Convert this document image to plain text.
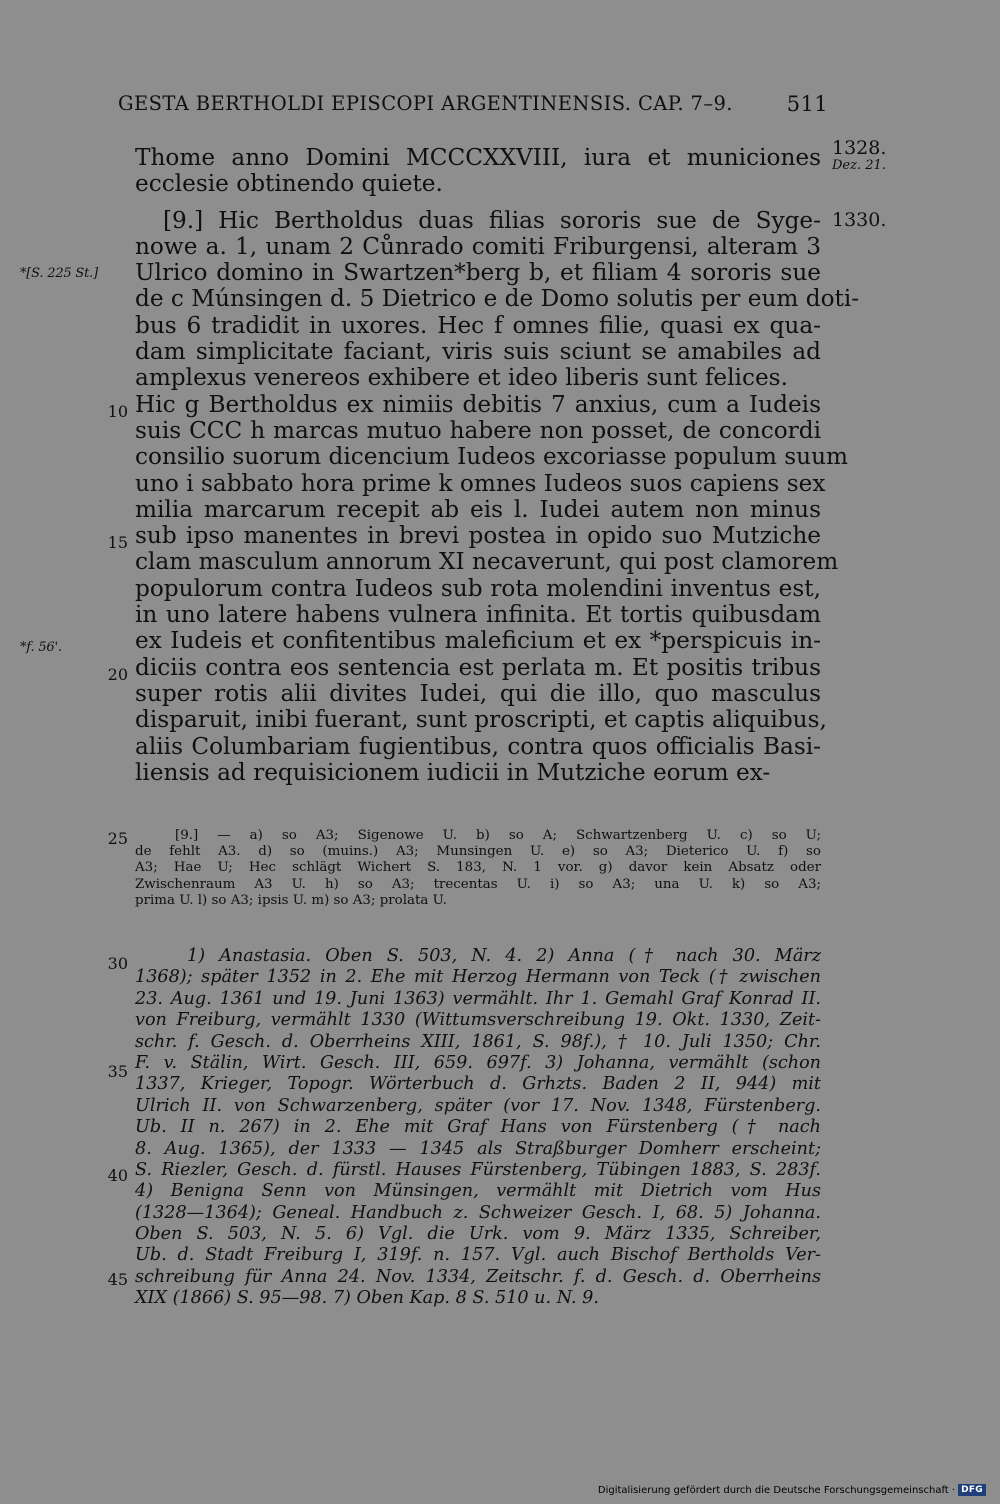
GESTA BERTHOLDI EPISCOPI ARGENTINENSIS. CAP. 7–9.	511
Thome anno Domini MCCCXXVIII, iura et municiones
ecclesie obtinendo quiete.
[9.] Hic Bertholdus duas filias sororis sue de Syge-
nowe a. 1, unam 2 Cůnrado comiti Friburgensi, alteram 3
Ulrico domino in Swartzen*berg b, et filiam 4 sororis sue
de c Múnsingen d. 5 Dietrico e de Domo solutis per eum doti-
bus 6 tradidit in uxores. Hec f omnes filie, quasi ex qua-
dam simplicitate faciant, viris suis sciunt se amabiles ad
amplexus venereos exhibere et ideo liberis sunt felices.
Hic g Bertholdus ex nimiis debitis 7 anxius, cum a Iudeis
suis CCC h marcas mutuo habere non posset, de concordi
consilio suorum dicencium Iudeos excoriasse populum suum
uno i sabbato hora prime k omnes Iudeos suos capiens sex
milia marcarum recepit ab eis l. Iudei autem non minus
sub ipso manentes in brevi postea in opido suo Mutziche
clam masculum annorum XI necaverunt, qui post clamorem
populorum contra Iudeos sub rota molendini inventus est,
in uno latere habens vulnera infinita. Et tortis quibusdam
ex Iudeis et confitentibus maleficium et ex *perspicuis in-
diciis contra eos sentencia est perlata m. Et positis tribus
super rotis alii divites Iudei, qui die illo, quo masculus
disparuit, inibi fuerant, sunt proscripti, et captis aliquibus,
aliis Columbariam fugientibus, contra quos officialis Basi-
liensis ad requisicionem iudicii in Mutziche eorum ex-
1328.
Dez. 21.
1330.
*[S. 225 St.]
*f. 56'.
10
15
20
25
30
35
40
45
[9.] — a) so A3; Sigenowe U. b) so A; Schwartzenberg U. c) so U;
de fehlt A3. d) so (muins.) A3; Munsingen U. e) so A3; Dieterico U. f) so
A3; Hae U; Hec schlägt Wichert S. 183, N. 1 vor. g) davor kein Absatz oder
Zwischenraum A3 U. h) so A3; trecentas U. i) so A3; una U. k) so A3;
prima U. l) so A3; ipsis U. m) so A3; prolata U.
1) Anastasia. Oben S. 503, N. 4. 2) Anna († nach 30. März
1368); später 1352 in 2. Ehe mit Herzog Hermann von Teck († zwischen
23. Aug. 1361 und 19. Juni 1363) vermählt. Ihr 1. Gemahl Graf Konrad II.
von Freiburg, vermählt 1330 (Wittumsverschreibung 19. Okt. 1330, Zeit-
schr. f. Gesch. d. Oberrheins XIII, 1861, S. 98f.), † 10. Juli 1350; Chr.
F. v. Stälin, Wirt. Gesch. III, 659. 697f. 3) Johanna, vermählt (schon
1337, Krieger, Topogr. Wörterbuch d. Grhzts. Baden 2 II, 944) mit
Ulrich II. von Schwarzenberg, später (vor 17. Nov. 1348, Fürstenberg.
Ub. II n. 267) in 2. Ehe mit Graf Hans von Fürstenberg († nach
8. Aug. 1365), der 1333 — 1345 als Straßburger Domherr erscheint;
S. Riezler, Gesch. d. fürstl. Hauses Fürstenberg, Tübingen 1883, S. 283f.
4) Benigna Senn von Münsingen, vermählt mit Dietrich vom Hus
(1328—1364); Geneal. Handbuch z. Schweizer Gesch. I, 68. 5) Johanna.
Oben S. 503, N. 5. 6) Vgl. die Urk. vom 9. März 1335, Schreiber,
Ub. d. Stadt Freiburg I, 319f. n. 157. Vgl. auch Bischof Bertholds Ver-
schreibung für Anna 24. Nov. 1334, Zeitschr. f. d. Gesch. d. Oberrheins
XIX (1866) S. 95—98. 7) Oben Kap. 8 S. 510 u. N. 9.
Digitalisierung gefördert durch die Deutsche Forschungsgemeinschaft · DFG
